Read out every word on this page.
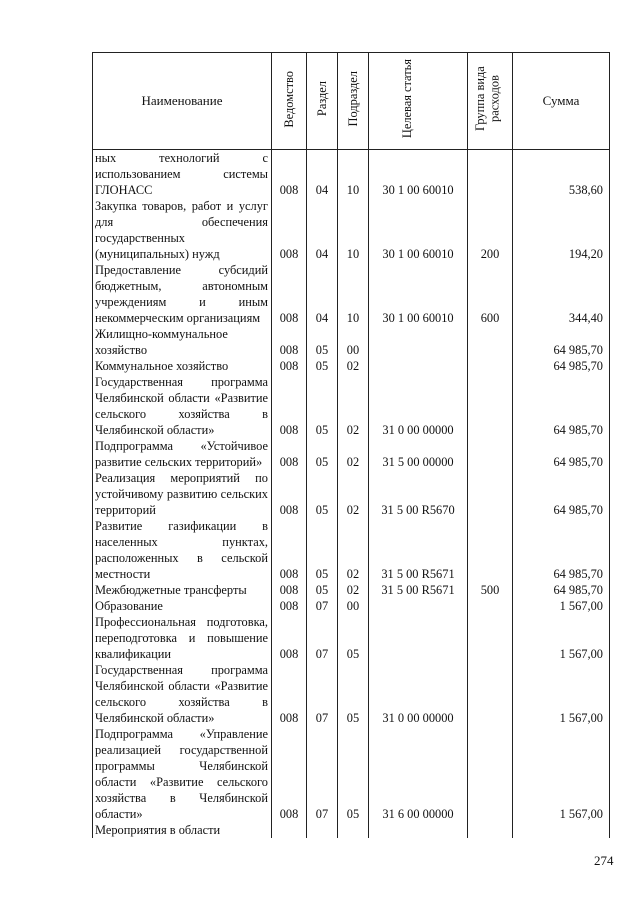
Наименование	Ведомство	Раздел	Подраздел	Целевая статья	Группа вида расходов	Сумма
ных технологий с использованием системы ГЛОНАСС	008	04	10	30 1 00 60010		538,60
Закупка товаров, работ и услуг для обеспечения государственных (муниципальных) нужд	008	04	10	30 1 00 60010	200	194,20
Предоставление субсидий бюджетным, автономным учреждениям и иным некоммерческим организациям	008	04	10	30 1 00 60010	600	344,40
Жилищно-коммунальное хозяйство	008	05	00			64 985,70
Коммунальное хозяйство	008	05	02			64 985,70
Государственная программа Челябинской области «Развитие сельского хозяйства в Челябинской области»	008	05	02	31 0 00 00000		64 985,70
Подпрограмма «Устойчивое развитие сельских территорий»	008	05	02	31 5 00 00000		64 985,70
Реализация мероприятий по устойчивому развитию сельских территорий	008	05	02	31 5 00 R5670		64 985,70
Развитие газификации в населенных пунктах, расположенных в сельской местности	008	05	02	31 5 00 R5671		64 985,70
Межбюджетные трансферты	008	05	02	31 5 00 R5671	500	64 985,70
Образование	008	07	00			1 567,00
Профессиональная подготовка, переподготовка и повышение квалификации	008	07	05			1 567,00
Государственная программа Челябинской области «Развитие сельского хозяйства в Челябинской области»	008	07	05	31 0 00 00000		1 567,00
Подпрограмма «Управление реализацией государственной программы Челябинской области «Развитие сельского хозяйства в Челябинской области»	008	07	05	31 6 00 00000		1 567,00
Мероприятия в области						
274
